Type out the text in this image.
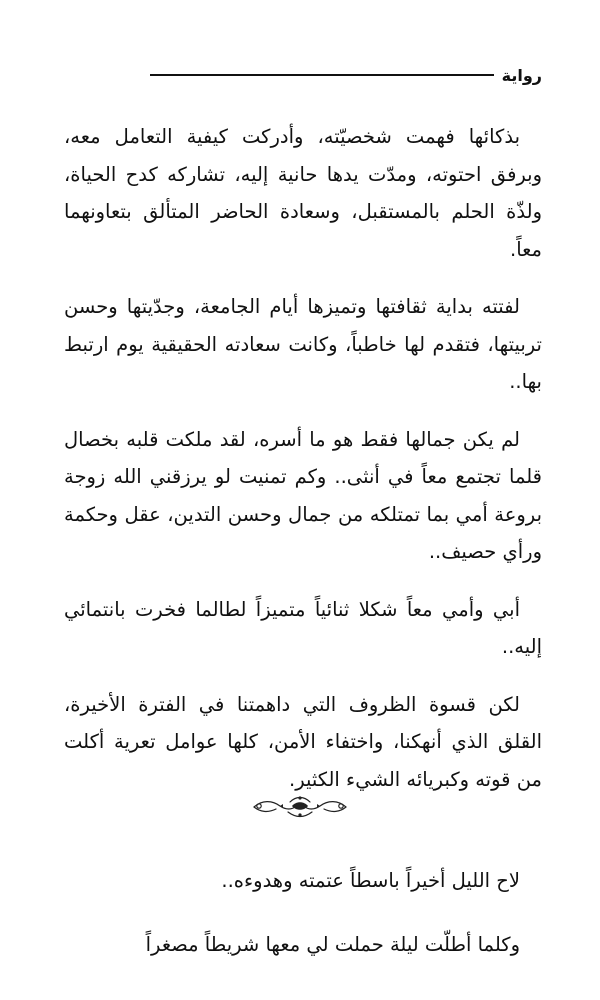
رواية

بذكائها فهمت شخصيّته، وأدركت كيفية التعامل معه، وبرفق احتوته، ومدّت يدها حانية إليه، تشاركه كدح الحياة، ولذّة الحلم بالمستقبل، وسعادة الحاضر المتألق بتعاونهما معاً.

لفتته بداية ثقافتها وتميزها أيام الجامعة، وجدّيتها وحسن تربيتها، فتقدم لها خاطباً، وكانت سعادته الحقيقية يوم ارتبط بها..

لم يكن جمالها فقط هو ما أسره، لقد ملكت قلبه بخصال قلما تجتمع معاً في أنثى.. وكم تمنيت لو يرزقني الله زوجة بروعة أمي بما تمتلكه من جمال وحسن التدين، عقل وحكمة ورأي حصيف..

أبي وأمي معاً شكلا ثنائياً متميزاً لطالما فخرت بانتمائي إليه..

لكن قسوة الظروف التي داهمتنا في الفترة الأخيرة، القلق الذي أنهكنا، واختفاء الأمن، كلها عوامل تعرية أكلت من قوته وكبريائه الشيء الكثير.

لاح الليل أخيراً باسطاً عتمته وهدوءه..

وكلما أطلّت ليلة حملت لي معها شريطاً مصغراً
